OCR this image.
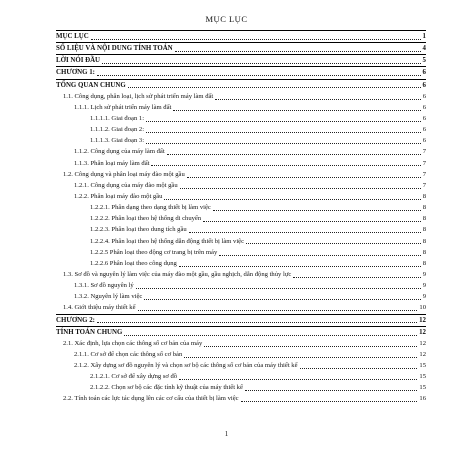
MỤC LỤC
MỤC LỤC	1
SỐ LIỆU VÀ NỘI DUNG TÍNH TOÁN	4
LỜI NÓI ĐẦU	5
CHƯƠNG 1:	6
TỔNG QUAN CHUNG	6
1.1. Công dụng, phân loại, lịch sử phát triển máy làm đất	6
1.1.1. Lịch sử phát triển máy làm đất	6
1.1.1.1. Giai đoạn 1:	6
1.1.1.2. Giai đoạn 2:	6
1.1.1.3. Giai đoạn 3:	6
1.1.2. Công dụng của máy làm đất	7
1.1.3. Phân loại máy làm đất	7
1.2. Công dụng và phân loại máy đào một gầu	7
1.2.1. Công dụng của máy đào một gầu	7
1.2.2. Phân loại máy đào một gầu	8
1.2.2.1. Phân dạng theo dạng thiết bị làm việc	8
1.2.2.2. Phân loại theo hệ thống di chuyển	8
1.2.2.3. Phân loại theo dung tích gầu	8
1.2.2.4. Phân loại theo hệ thống dẫn động thiết bị làm việc	8
1.2.2.5 Phân loại theo động cơ trang bị trên máy	8
1.2.2.6 Phân loại theo công dụng	8
1.3. Sơ đồ và nguyên lý làm việc của máy đào một gầu, gầu nghịch, dẫn động thủy lực	9
1.3.1. Sơ đồ nguyên lý	9
1.3.2. Nguyên lý làm việc	9
1.4. Giới thiệu máy thiết kế	10
CHƯƠNG 2:	12
TÍNH TOÁN CHUNG	12
2.1. Xác định, lựa chọn các thông số cơ bản của máy	12
2.1.1. Cơ sở để chọn các thông số cơ bản	12
2.1.2. Xây dựng sơ đồ nguyên lý và chọn sơ bộ các thông số cơ bản của máy thiết kế	15
2.1.2.1. Cơ sở để xây dựng sơ đồ	15
2.1.2.2. Chọn sơ bộ các đặc tính kỹ thuật của máy thiết kế	15
2.2. Tính toán các lực tác dụng lên các cơ cấu của thiết bị làm việc	16
1
